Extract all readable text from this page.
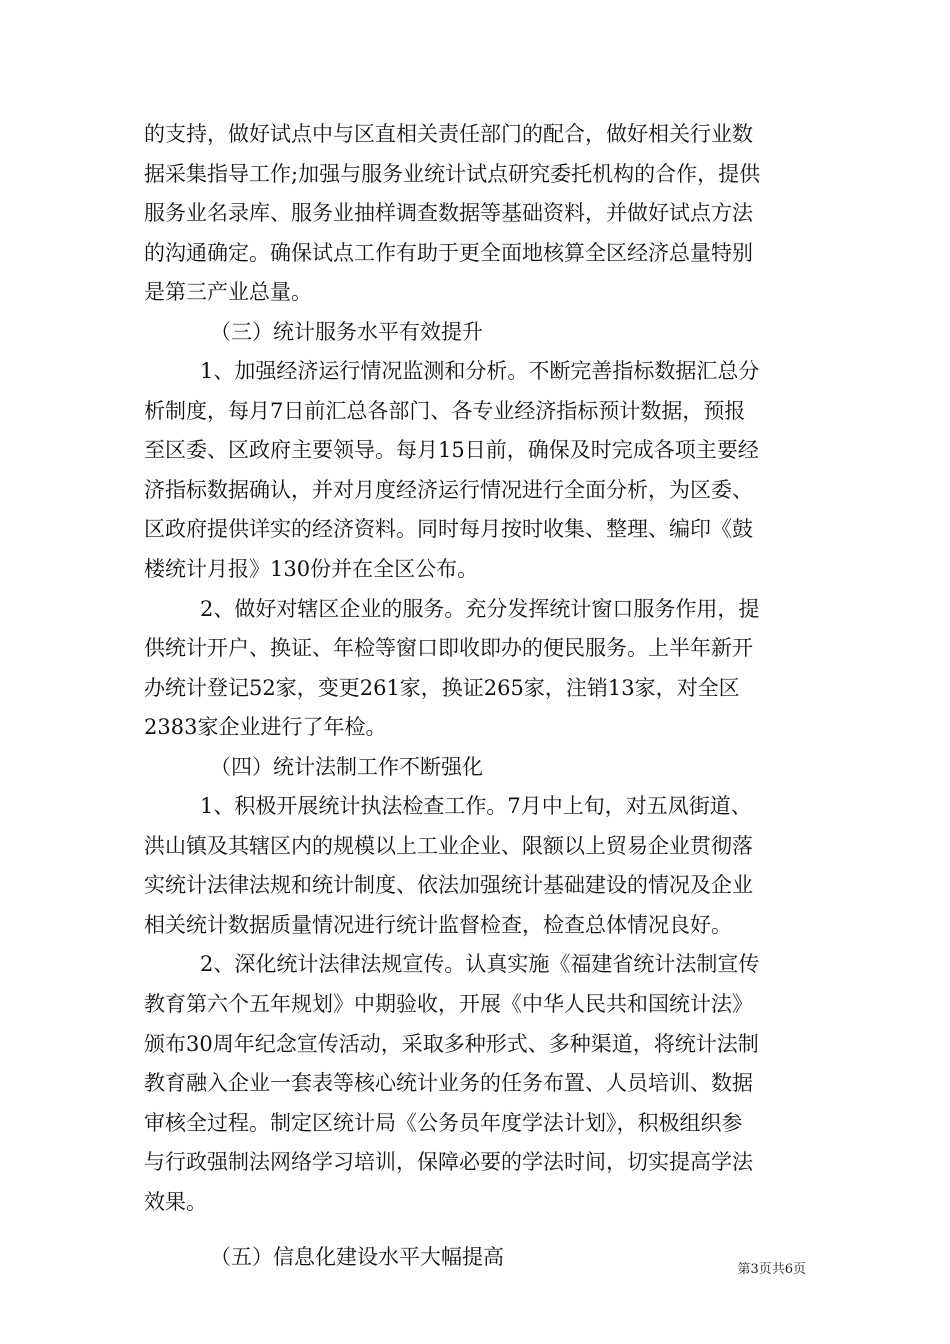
的支持，做好试点中与区直相关责任部门的配合，做好相关行业数
据采集指导工作;加强与服务业统计试点研究委托机构的合作，提供
服务业名录库、服务业抽样调查数据等基础资料，并做好试点方法
的沟通确定。确保试点工作有助于更全面地核算全区经济总量特别
是第三产业总量。
（三）统计服务水平有效提升
1、加强经济运行情况监测和分析。不断完善指标数据汇总分
析制度，每月7日前汇总各部门、各专业经济指标预计数据，预报
至区委、区政府主要领导。每月15日前，确保及时完成各项主要经
济指标数据确认，并对月度经济运行情况进行全面分析，为区委、
区政府提供详实的经济资料。同时每月按时收集、整理、编印《鼓
楼统计月报》130份并在全区公布。
2、做好对辖区企业的服务。充分发挥统计窗口服务作用，提
供统计开户、换证、年检等窗口即收即办的便民服务。上半年新开
办统计登记52家，变更261家，换证265家，注销13家，对全区
2383家企业进行了年检。
（四）统计法制工作不断强化
1、积极开展统计执法检查工作。7月中上旬，对五凤街道、
洪山镇及其辖区内的规模以上工业企业、限额以上贸易企业贯彻落
实统计法律法规和统计制度、依法加强统计基础建设的情况及企业
相关统计数据质量情况进行统计监督检查，检查总体情况良好。
2、深化统计法律法规宣传。认真实施《福建省统计法制宣传
教育第六个五年规划》中期验收，开展《中华人民共和国统计法》
颁布30周年纪念宣传活动，采取多种形式、多种渠道，将统计法制
教育融入企业一套表等核心统计业务的任务布置、人员培训、数据
审核全过程。制定区统计局《公务员年度学法计划》，积极组织参
与行政强制法网络学习培训，保障必要的学法时间，切实提高学法
效果。
（五）信息化建设水平大幅提高
第3页共6页
